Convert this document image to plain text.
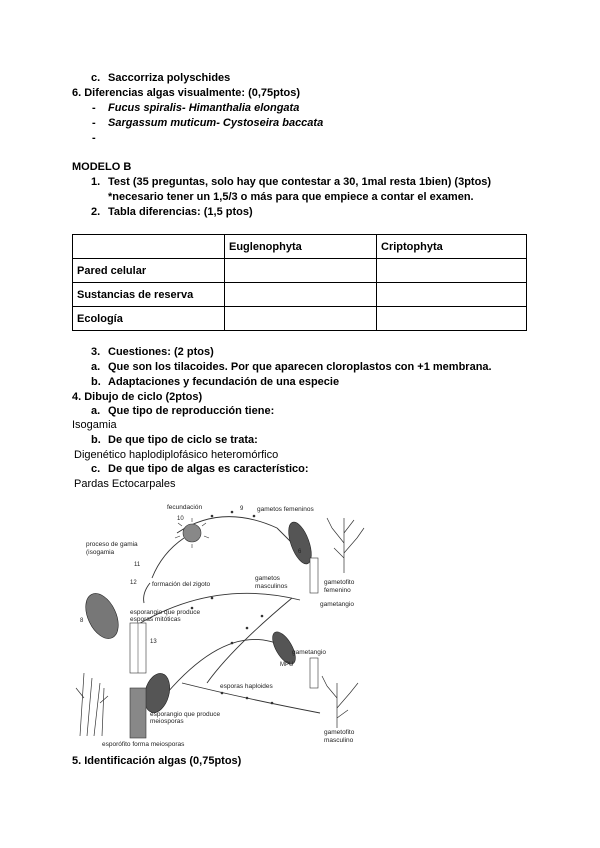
c. Saccorriza polyschides
6. Diferencias algas visualmente: (0,75ptos)
- Fucus spiralis- Himanthalia elongata
- Sargassum muticum- Cystoseira baccata
-
MODELO B
1. Test (35 preguntas, solo hay que contestar a 30, 1mal resta 1bien) (3ptos)
*necesario tener un 1,5/3 o más para que empiece a contar el examen.
2. Tabla diferencias: (1,5 ptos)
	Euglenophyta	Criptophyta
Pared celular		
Sustancias de reserva		
Ecología		
3. Cuestiones: (2 ptos)
a. Que son los tilacoides. Por que aparecen cloroplastos con +1 membrana.
b. Adaptaciones y fecundación de una especie
4. Dibujo de ciclo (2ptos)
a. Que tipo de reproducción tiene:
Isogamia
b. De que tipo de ciclo se trata:
Digenético haplodiplofásico heteromórfico
c. De que tipo de algas es característico:
Pardas Ectocarpales
fecundación	gametos femeninos
9
10
proceso de gamia
(isogamia
11
12 formación del zigoto
gametos
masculinos
6
gametofito
femenino
gametangio
esporangio que produce
esporas mitóticas
8
13
gametangio
MPU
esporas haploides
esporangio que produce
meiosporas
gametofito
masculino
esporófito forma meiosporas
5. Identificación algas (0,75ptos)
